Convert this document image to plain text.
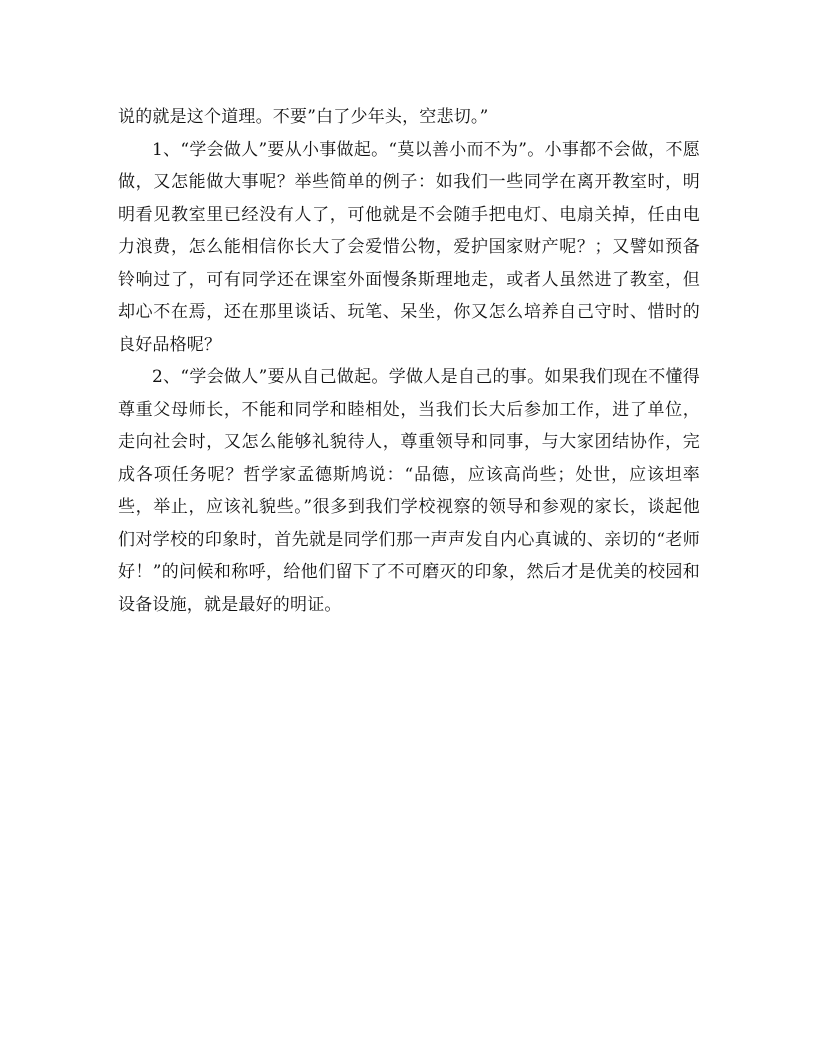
说的就是这个道理。不要”白了少年头，空悲切。”

1、“学会做人”要从小事做起。“莫以善小而不为”。小事都不会做，不愿做，又怎能做大事呢？举些简单的例子：如我们一些同学在离开教室时，明明看见教室里已经没有人了，可他就是不会随手把电灯、电扇关掉，任由电力浪费，怎么能相信你长大了会爱惜公物，爱护国家财产呢？；又譬如预备铃响过了，可有同学还在课室外面慢条斯理地走，或者人虽然进了教室，但却心不在焉，还在那里谈话、玩笔、呆坐，你又怎么培养自己守时、惜时的良好品格呢？

2、“学会做人”要从自己做起。学做人是自己的事。如果我们现在不懂得尊重父母师长，不能和同学和睦相处，当我们长大后参加工作，进了单位，走向社会时，又怎么能够礼貌待人，尊重领导和同事，与大家团结协作，完成各项任务呢？哲学家孟德斯鸠说：“品德，应该高尚些；处世，应该坦率些，举止，应该礼貌些。”很多到我们学校视察的领导和参观的家长，谈起他们对学校的印象时，首先就是同学们那一声声发自内心真诚的、亲切的“老师好！”的问候和称呼，给他们留下了不可磨灭的印象，然后才是优美的校园和设备设施，就是最好的明证。
